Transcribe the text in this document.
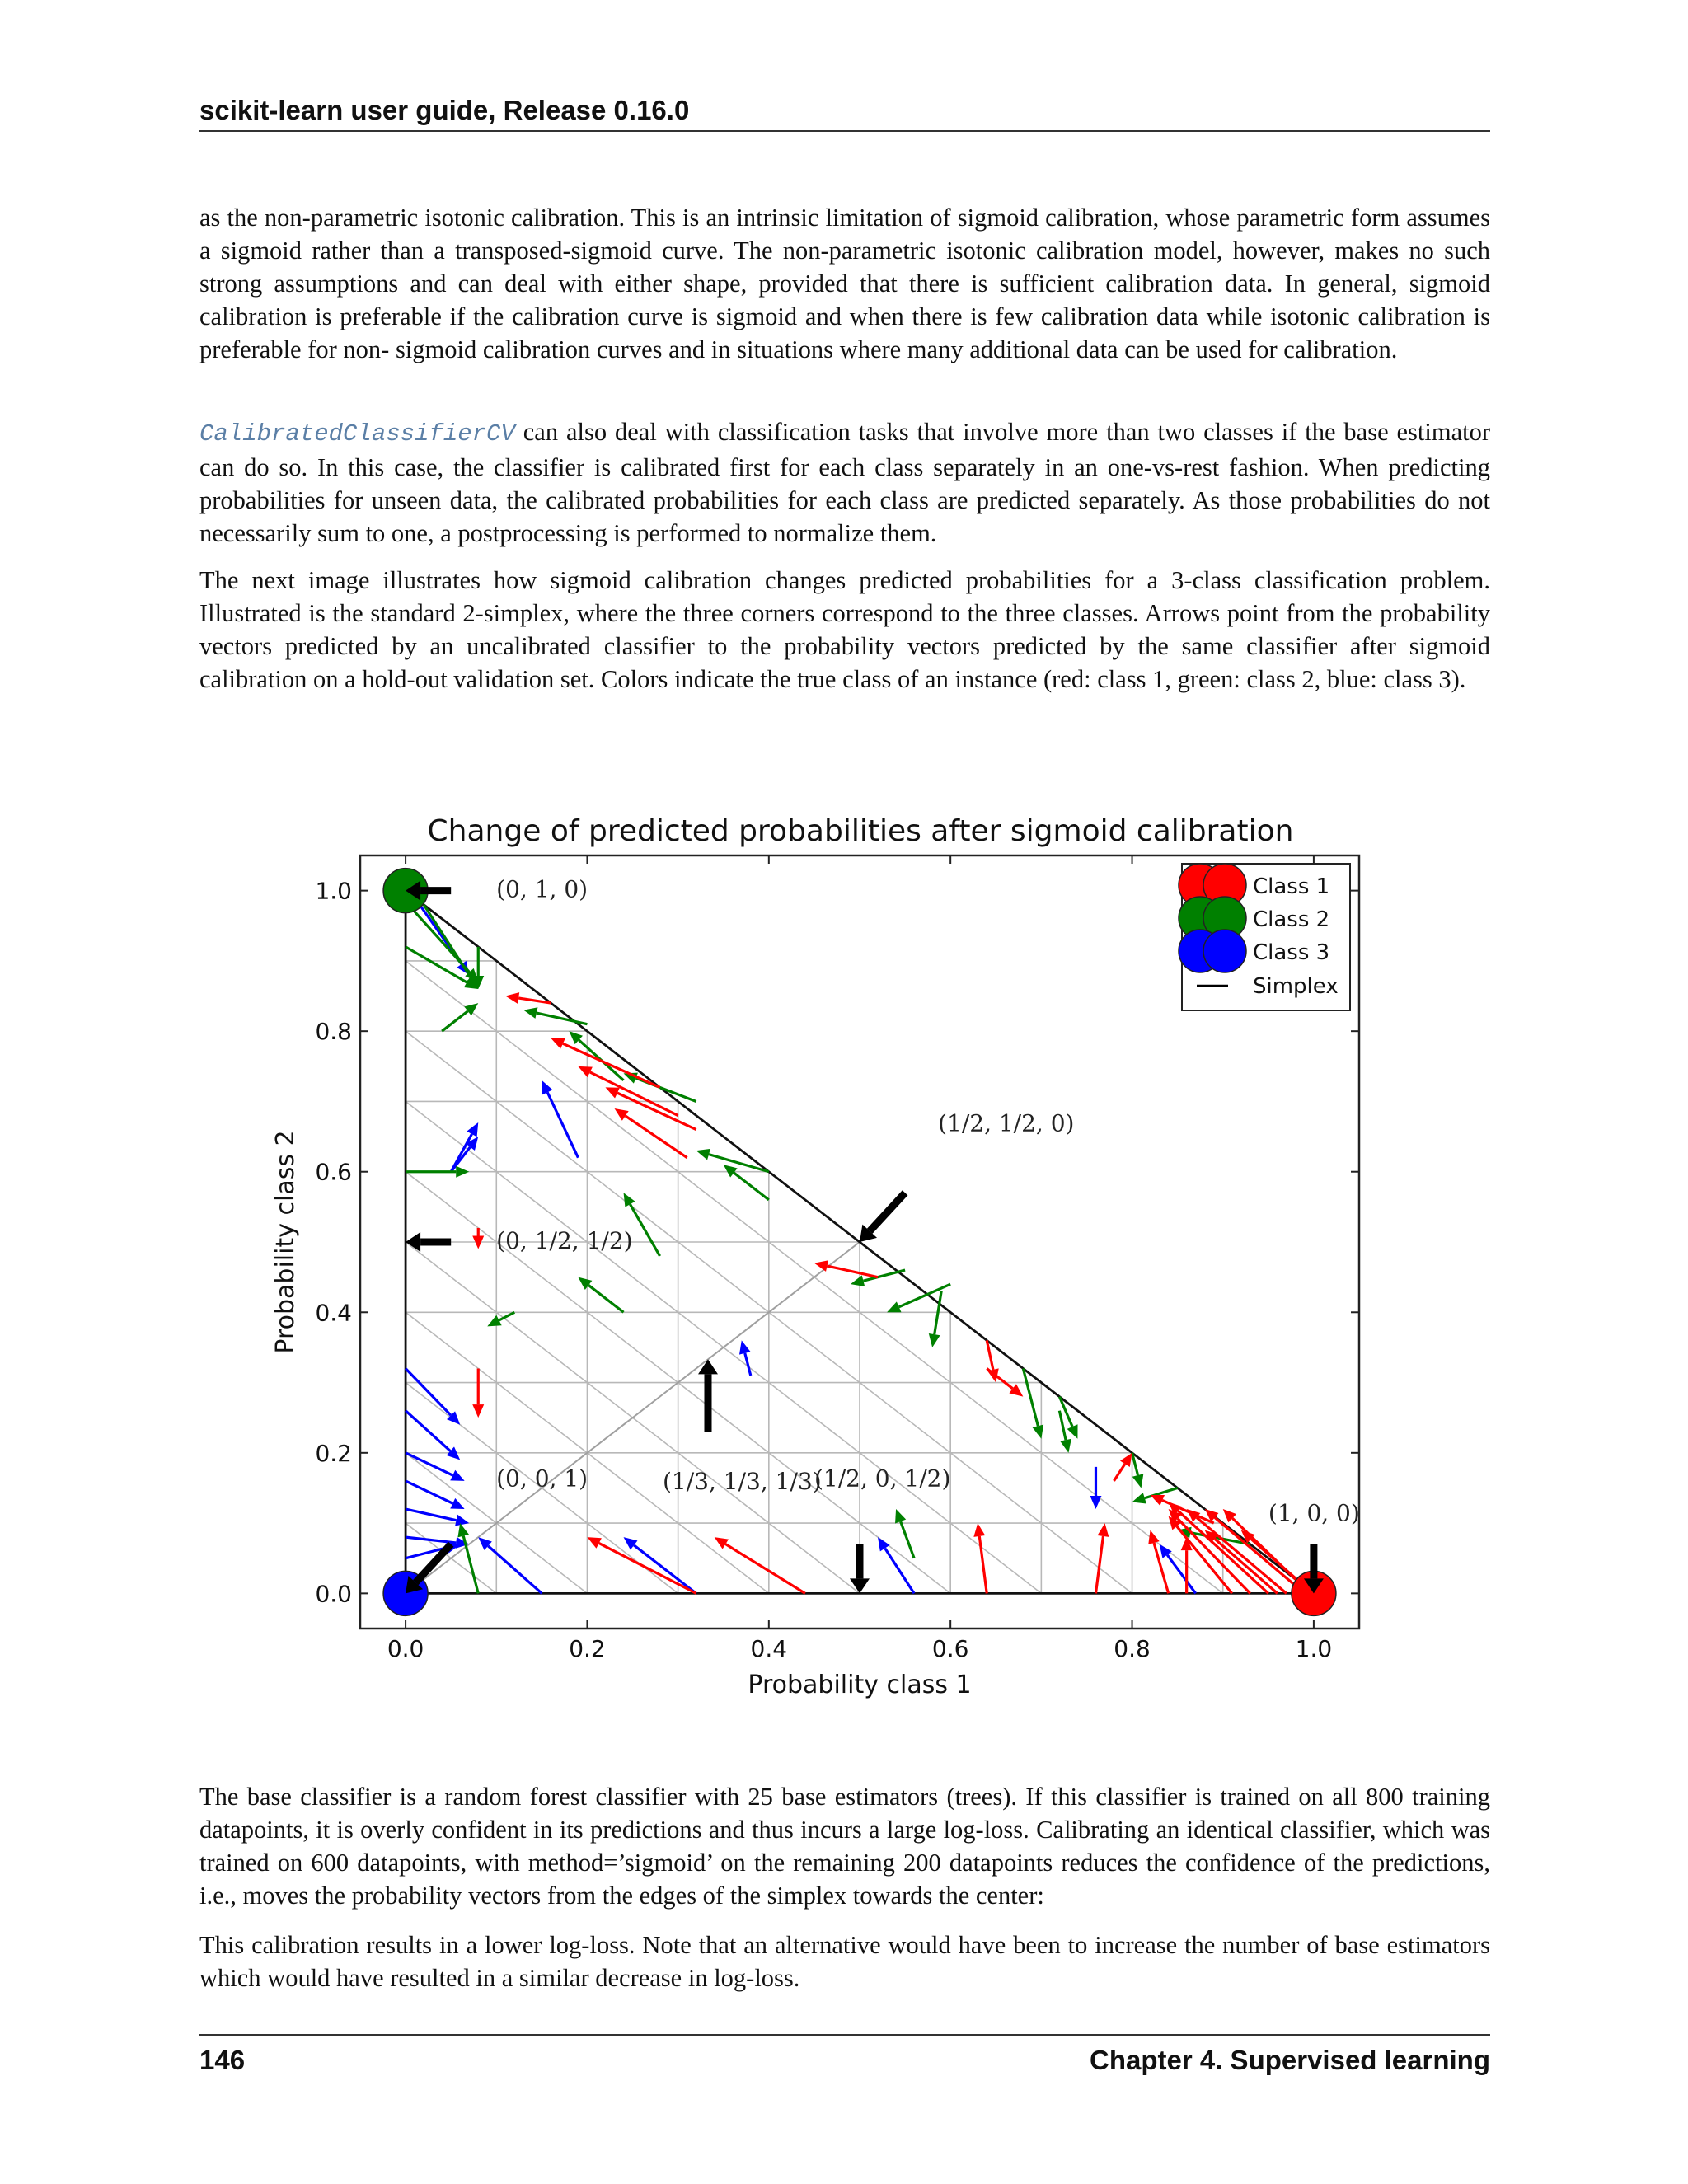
scikit-learn user guide, Release 0.16.0

as the non-parametric isotonic calibration. This is an intrinsic limitation of sigmoid calibration, whose parametric form assumes a sigmoid rather than a transposed-sigmoid curve. The non-parametric isotonic calibration model, however, makes no such strong assumptions and can deal with either shape, provided that there is sufficient calibration data. In general, sigmoid calibration is preferable if the calibration curve is sigmoid and when there is few calibration data while isotonic calibration is preferable for non- sigmoid calibration curves and in situations where many additional data can be used for calibration.

CalibratedClassifierCV can also deal with classification tasks that involve more than two classes if the base estimator can do so. In this case, the classifier is calibrated first for each class separately in an one-vs-rest fashion. When predicting probabilities for unseen data, the calibrated probabilities for each class are predicted separately. As those probabilities do not necessarily sum to one, a postprocessing is performed to normalize them.

The next image illustrates how sigmoid calibration changes predicted probabilities for a 3-class classification problem. Illustrated is the standard 2-simplex, where the three corners correspond to the three classes. Arrows point from the probability vectors predicted by an uncalibrated classifier to the probability vectors predicted by the same classifier after sigmoid calibration on a hold-out validation set. Colors indicate the true class of an instance (red: class 1, green: class 2, blue: class 3).

Change of predicted probabilities after sigmoid calibration
(1, 0, 0)
(0, 1, 0)
(0, 0, 1)	(1/2, 0, 1/2)
(0, 1/2, 1/2)
(1/2, 1/2, 0)
(1/3, 1/3, 1/3)
0.0	0.2	0.4	0.6	0.8	1.0
0.0
0.2
0.4
0.6
0.8
1.0
Probability class 1
Probability class 2
Class 1
Class 2
Class 3
Simplex

The base classifier is a random forest classifier with 25 base estimators (trees). If this classifier is trained on all 800 training datapoints, it is overly confident in its predictions and thus incurs a large log-loss. Calibrating an identical classifier, which was trained on 600 datapoints, with method=’sigmoid’ on the remaining 200 datapoints reduces the confidence of the predictions, i.e., moves the probability vectors from the edges of the simplex towards the center:

This calibration results in a lower log-loss. Note that an alternative would have been to increase the number of base estimators which would have resulted in a similar decrease in log-loss.

146	Chapter 4. Supervised learning
